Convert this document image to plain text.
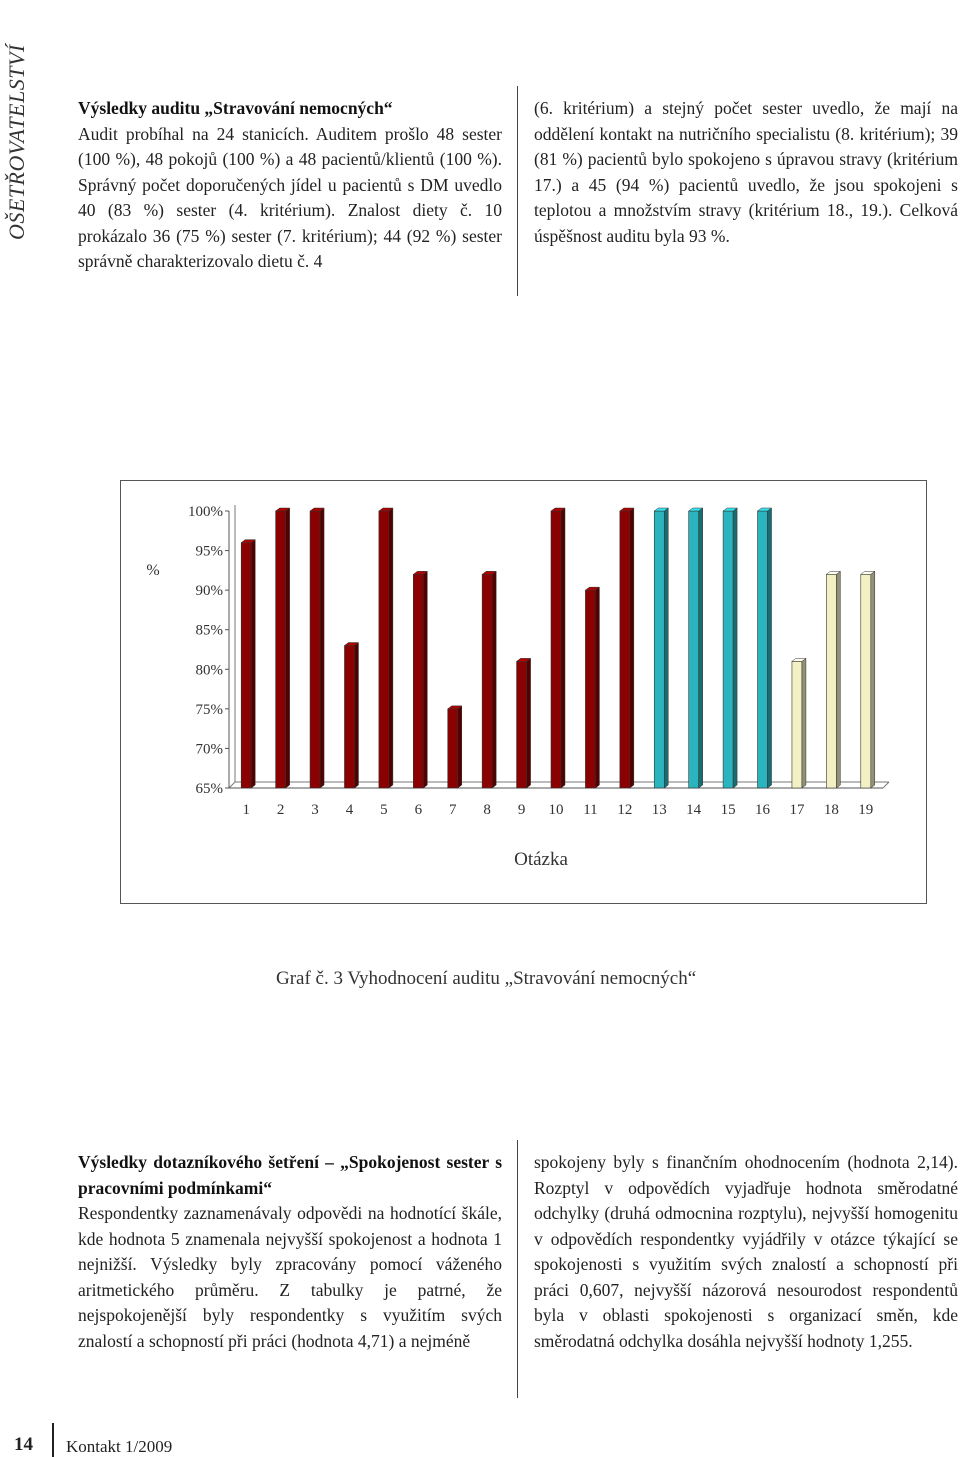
OŠETŘOVATELSTVÍ	Výsledky auditu „Stravování nemocných“
Audit probíhal na 24 stanicích. Auditem prošlo 48 sester (100 %), 48 pokojů (100 %) a 48 pacientů/klientů (100 %). Správný počet doporučených jídel u pacientů s DM uvedlo 40 (83 %) sester (4. kritérium). Znalost diety č. 10 prokázalo 36 (75 %) sester (7. kritérium); 44 (92 %) sester správně charakterizovalo dietu č. 4

(6. kritérium) a stejný počet sester uvedlo, že mají na oddělení kontakt na nutričního specialistu (8. kritérium); 39 (81 %) pacientů bylo spokojeno s úpravou stravy (kritérium 17.) a 45 (94 %) pacientů uvedlo, že jsou spokojeni s teplotou a množstvím stravy (kritérium 18., 19.). Celková úspěšnost auditu byla 93 %.

100%
95%
90%
85%
80%
75%
70%
65%
%
1 2 3 4 5 6 7 8 9 10 11 12 13 14 15 16 17 18 19
Otázka
Graf č. 3 Vyhodnocení auditu „Stravování nemocných“

Výsledky dotazníkového šetření – „Spokojenost sester s pracovními podmínkami“
Respondentky zaznamenávaly odpovědi na hodnotící škále, kde hodnota 5 znamenala nejvyšší spokojenost a hodnota 1 nejnižší. Výsledky byly zpracovány pomocí váženého aritmetického průměru. Z tabulky je patrné, že nejspokojenější byly respondentky s využitím svých znalostí a schopností při práci (hodnota 4,71) a nejméně

spokojeny byly s finančním ohodnocením (hodnota 2,14). Rozptyl v odpovědích vyjadřuje hodnota směrodatné odchylky (druhá odmocnina rozptylu), nejvyšší homogenitu v odpovědích respondentky vyjádřily v otázce týkající se spokojenosti s využitím svých znalostí a schopností při práci 0,607, nejvyšší názorová nesourodost respondentů byla v oblasti spokojenosti s organizací směn, kde směrodatná odchylka dosáhla nejvyšší hodnoty 1,255.

14 Kontakt 1/2009
